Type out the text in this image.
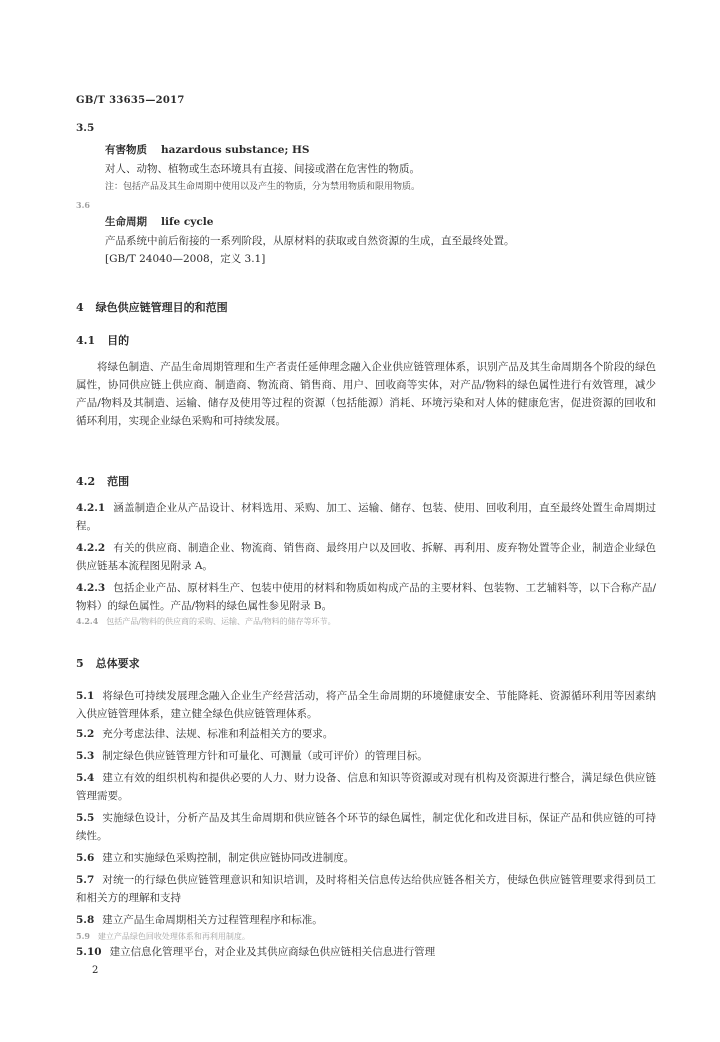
GB/T 33635—2017
3.5
有害物质 hazardous substance; HS
对人、动物、植物或生态环境具有直接、间接或潜在危害性的物质。
注：包括产品及其生命周期中使用以及产生的物质，分为禁用物质和限用物质。
3.6
生命周期 life cycle
产品系统中前后衔接的一系列阶段，从原材料的获取或自然资源的生成，直至最终处置。
[GB/T 24040—2008，定义 3.1]
4 绿色供应链管理目的和范围
4.1 目的
将绿色制造、产品生命周期管理和生产者责任延伸理念融入企业供应链管理体系，识别产品及其生命周期各个阶段的绿色属性，协同供应链上供应商、制造商、物流商、销售商、用户、回收商等实体，对产品/物料的绿色属性进行有效管理，减少产品/物料及其制造、运输、储存及使用等过程的资源（包括能源）消耗、环境污染和对人体的健康危害，促进资源的回收和循环利用，实现企业绿色采购和可持续发展。
4.2 范围
4.2.1 涵盖制造企业从产品设计、材料选用、采购、加工、运输、储存、包装、使用、回收利用，直至最终处置生命周期过程。
4.2.2 有关的供应商、制造企业、物流商、销售商、最终用户以及回收、拆解、再利用、废弃物处置等企业，制造企业绿色供应链基本流程图见附录 A。
4.2.3 包括企业产品、原材料生产、包装中使用的材料和物质如构成产品的主要材料、包装物、工艺辅料等，以下合称产品/物料）的绿色属性。产品/物料的绿色属性参见附录 B。
4.2.4 包括产品/物料的供应商的采购、运输、产品/物料的储存等环节。
5 总体要求
5.1 将绿色可持续发展理念融入企业生产经营活动，将产品全生命周期的环境健康安全、节能降耗、资源循环利用等因素纳入供应链管理体系，建立健全绿色供应链管理体系。
5.2 充分考虑法律、法规、标准和利益相关方的要求。
5.3 制定绿色供应链管理方针和可量化、可测量（或可评价）的管理目标。
5.4 建立有效的组织机构和提供必要的人力、财力设备、信息和知识等资源或对现有机构及资源进行整合，满足绿色供应链管理需要。
5.5 实施绿色设计，分析产品及其生命周期和供应链各个环节的绿色属性，制定优化和改进目标，保证产品和供应链的可持续性。
5.6 建立和实施绿色采购控制，制定供应链协同改进制度。
5.7 对统一的行绿色供应链管理意识和知识培训，及时将相关信息传达给供应链各相关方，使绿色供应链管理要求得到员工和相关方的理解和支持
5.8 建立产品生命周期相关方过程管理程序和标准。
5.9 建立产品绿色回收处理体系和再利用制度。
5.10 建立信息化管理平台，对企业及其供应商绿色供应链相关信息进行管理
2
